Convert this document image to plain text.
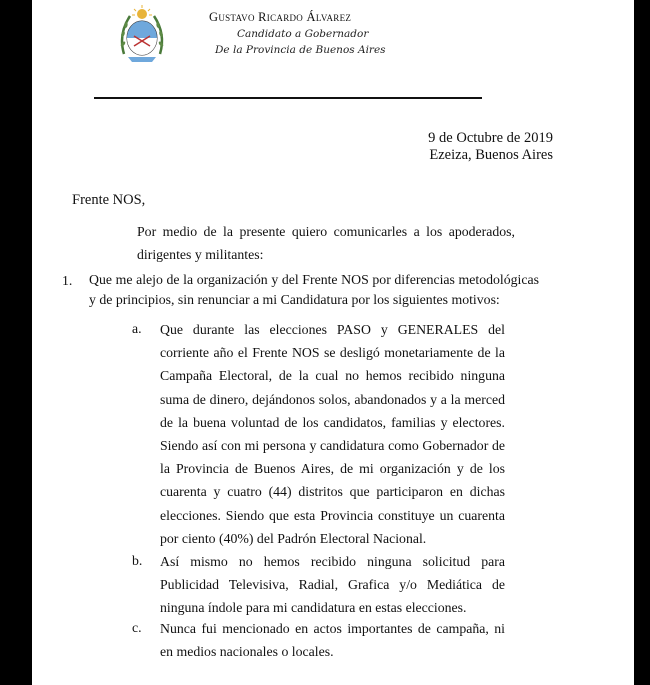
Gustavo Ricardo Álvarez
Candidato a Gobernador
De la Provincia de Buenos Aires
9 de Octubre de 2019
Ezeiza, Buenos Aires
Frente NOS,
Por medio de la presente quiero comunicarles a los apoderados, dirigentes y militantes:
1. Que me alejo de la organización y del Frente NOS por diferencias metodológicas y de principios, sin renunciar a mi Candidatura por los siguientes motivos:
a. Que durante las elecciones PASO y GENERALES del corriente año el Frente NOS se desligó monetariamente de la Campaña Electoral, de la cual no hemos recibido ninguna suma de dinero, dejándonos solos, abandonados y a la merced de la buena voluntad de los candidatos, familias y electores. Siendo así con mi persona y candidatura como Gobernador de la Provincia de Buenos Aires, de mi organización y de los cuarenta y cuatro (44) distritos que participaron en dichas elecciones. Siendo que esta Provincia constituye un cuarenta por ciento (40%) del Padrón Electoral Nacional.
b. Así mismo no hemos recibido ninguna solicitud para Publicidad Televisiva, Radial, Grafica y/o Mediática de ninguna índole para mi candidatura en estas elecciones.
c. Nunca fui mencionado en actos importantes de campaña, ni en medios nacionales o locales.
